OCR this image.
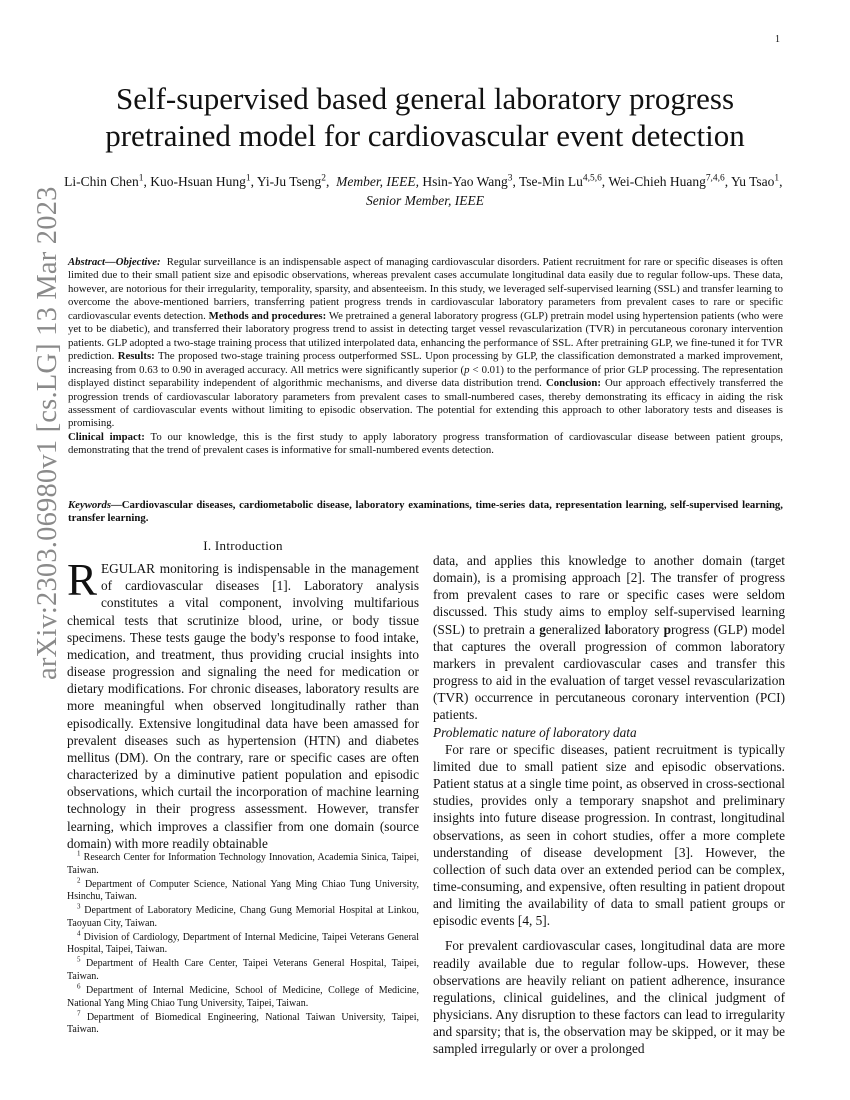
1
arXiv:2303.06980v1 [cs.LG] 13 Mar 2023
Self-supervised based general laboratory progress pretrained model for cardiovascular event detection
Li-Chin Chen$^1$, Kuo-Hsuan Hung$^1$, Yi-Ju Tseng$^2$,  Member, IEEE, Hsin-Yao Wang$^3$, Tse-Min Lu$^{4,5,6}$, Wei-Chieh Huang$^{7,4,6}$, Yu Tsao$^1$,  Senior Member, IEEE

Abstract—Objective: Regular surveillance is an indispensable aspect of managing cardiovascular disorders. Patient recruitment for rare or specific diseases is often limited due to their small patient size and episodic observations, whereas prevalent cases accumulate longitudinal data easily due to regular follow-ups. These data, however, are notorious for their irregularity, temporality, sparsity, and absenteeism. In this study, we leveraged self-supervised learning (SSL) and transfer learning to overcome the above-mentioned barriers, transferring patient progress trends in cardiovascular laboratory parameters from prevalent cases to rare or specific cardiovascular events detection. Methods and procedures: We pretrained a general laboratory progress (GLP) pretrain model using hypertension patients (who were yet to be diabetic), and transferred their laboratory progress trend to assist in detecting target vessel revascularization (TVR) in percutaneous coronary intervention patients. GLP adopted a two-stage training process that utilized interpolated data, enhancing the performance of SSL. After pretraining GLP, we fine-tuned it for TVR prediction. Results: The proposed two-stage training process outperformed SSL. Upon processing by GLP, the classification demonstrated a marked improvement, increasing from 0.63 to 0.90 in averaged accuracy. All metrics were significantly superior (p < 0.01) to the performance of prior GLP processing. The representation displayed distinct separability independent of algorithmic mechanisms, and diverse data distribution trend. Conclusion: Our approach effectively transferred the progression trends of cardiovascular laboratory parameters from prevalent cases to small-numbered cases, thereby demonstrating its efficacy in aiding the risk assessment of cardiovascular events without limiting to episodic observation. The potential for extending this approach to other laboratory tests and diseases is promising.

Clinical impact: To our knowledge, this is the first study to apply laboratory progress transformation of cardiovascular disease between patient groups, demonstrating that the trend of prevalent cases is informative for small-numbered events detection.

Keywords—Cardiovascular diseases, cardiometabolic disease, laboratory examinations, time-series data, representation learning, self-supervised learning, transfer learning.
I. Introduction

REGULAR monitoring is indispensable in the management of cardiovascular diseases [1]. Laboratory analysis constitutes a vital component, involving multifarious chemical tests that scrutinize blood, urine, or body tissue specimens. These tests gauge the body's response to food intake, medication, and treatment, thus providing crucial insights into disease progression and signaling the need for medication or dietary modifications. For chronic diseases, laboratory results are more meaningful when observed longitudinally rather than episodically. Extensive longitudinal data have been amassed for prevalent diseases such as hypertension (HTN) and diabetes mellitus (DM). On the contrary, rare or specific cases are often characterized by a diminutive patient population and episodic observations, which curtail the incorporation of machine learning technology in their progress assessment. However, transfer learning, which improves a classifier from one domain (source domain) with more readily obtainable

$^1$ Research Center for Information Technology Innovation, Academia Sinica, Taipei, Taiwan.

$^2$ Department of Computer Science, National Yang Ming Chiao Tung University, Hsinchu, Taiwan.

$^3$ Department of Laboratory Medicine, Chang Gung Memorial Hospital at Linkou, Taoyuan City, Taiwan.

$^4$ Division of Cardiology, Department of Internal Medicine, Taipei Veterans General Hospital, Taipei, Taiwan.

$^5$ Department of Health Care Center, Taipei Veterans General Hospital, Taipei, Taiwan.

$^6$ Department of Internal Medicine, School of Medicine, College of Medicine, National Yang Ming Chiao Tung University, Taipei, Taiwan.

$^7$ Department of Biomedical Engineering, National Taiwan University, Taipei, Taiwan.

data, and applies this knowledge to another domain (target domain), is a promising approach [2]. The transfer of progress from prevalent cases to rare or specific cases were seldom discussed. This study aims to employ self-supervised learning (SSL) to pretrain a generalized laboratory progress (GLP) model that captures the overall progression of common laboratory markers in prevalent cardiovascular cases and transfer this progress to aid in the evaluation of target vessel revascularization (TVR) occurrence in percutaneous coronary intervention (PCI) patients.

Problematic nature of laboratory data

For rare or specific diseases, patient recruitment is typically limited due to small patient size and episodic observations. Patient status at a single time point, as observed in cross-sectional studies, provides only a temporary snapshot and preliminary insights into future disease progression. In contrast, longitudinal observations, as seen in cohort studies, offer a more complete understanding of disease development [3]. However, the collection of such data over an extended period can be complex, time-consuming, and expensive, often resulting in patient dropout and limiting the availability of data to small patient groups or episodic events [4, 5].

For prevalent cardiovascular cases, longitudinal data are more readily available due to regular follow-ups. However, these observations are heavily reliant on patient adherence, insurance regulations, clinical guidelines, and the clinical judgment of physicians. Any disruption to these factors can lead to irregularity and sparsity; that is, the observation may be skipped, or it may be sampled irregularly or over a prolonged
